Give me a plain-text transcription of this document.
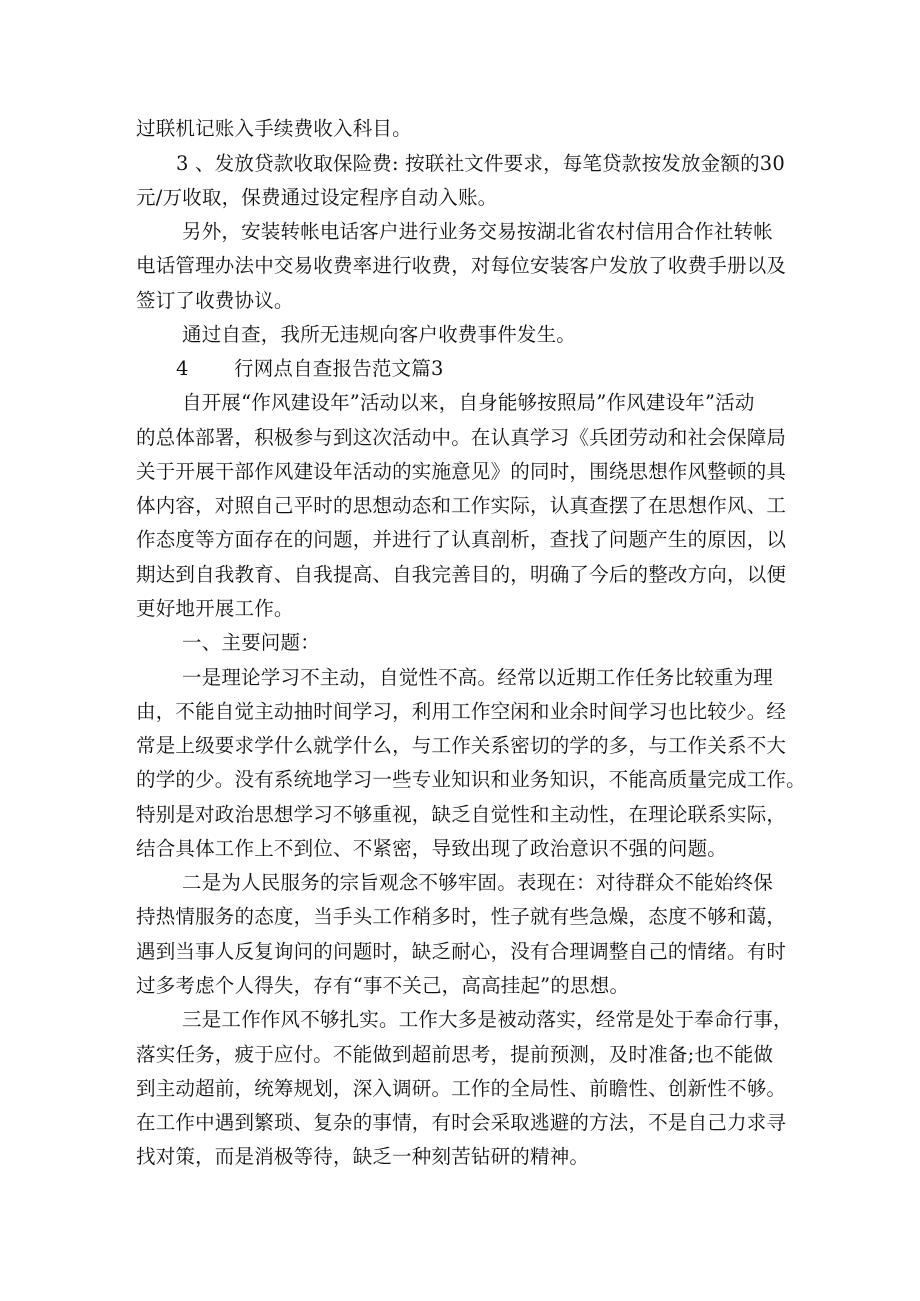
过联机记账入手续费收入科目。
3 、发放贷款收取保险费: 按联社文件要求，每笔贷款按发放金额的30
元/万收取，保费通过设定程序自动入账。
另外，安装转帐电话客户进行业务交易按湖北省农村信用合作社转帐
电话管理办法中交易收费率进行收费，对每位安装客户发放了收费手册以及
签订了收费协议。
通过自查，我所无违规向客户收费事件发生。
4 行网点自查报告范文篇3
自开展“作风建设年”活动以来，自身能够按照局”作风建设年”活动
的总体部署，积极参与到这次活动中。在认真学习《兵团劳动和社会保障局
关于开展干部作风建设年活动的实施意见》的同时，围绕思想作风整顿的具
体内容，对照自己平时的思想动态和工作实际，认真查摆了在思想作风、工
作态度等方面存在的问题，并进行了认真剖析，查找了问题产生的原因，以
期达到自我教育、自我提高、自我完善目的，明确了今后的整改方向，以便
更好地开展工作。
一、主要问题：
一是理论学习不主动，自觉性不高。经常以近期工作任务比较重为理
由，不能自觉主动抽时间学习，利用工作空闲和业余时间学习也比较少。经
常是上级要求学什么就学什么，与工作关系密切的学的多，与工作关系不大
的学的少。没有系统地学习一些专业知识和业务知识，不能高质量完成工作。
特别是对政治思想学习不够重视，缺乏自觉性和主动性，在理论联系实际，
结合具体工作上不到位、不紧密，导致出现了政治意识不强的问题。
二是为人民服务的宗旨观念不够牢固。表现在：对待群众不能始终保
持热情服务的态度，当手头工作稍多时，性子就有些急燥，态度不够和蔼，
遇到当事人反复询问的问题时，缺乏耐心，没有合理调整自己的情绪。有时
过多考虑个人得失，存有“事不关己，高高挂起”的思想。
三是工作作风不够扎实。工作大多是被动落实，经常是处于奉命行事，
落实任务，疲于应付。不能做到超前思考，提前预测，及时准备;也不能做
到主动超前，统筹规划，深入调研。工作的全局性、前瞻性、创新性不够。
在工作中遇到繁琐、复杂的事情，有时会采取逃避的方法，不是自己力求寻
找对策，而是消极等待，缺乏一种刻苦钻研的精神。
